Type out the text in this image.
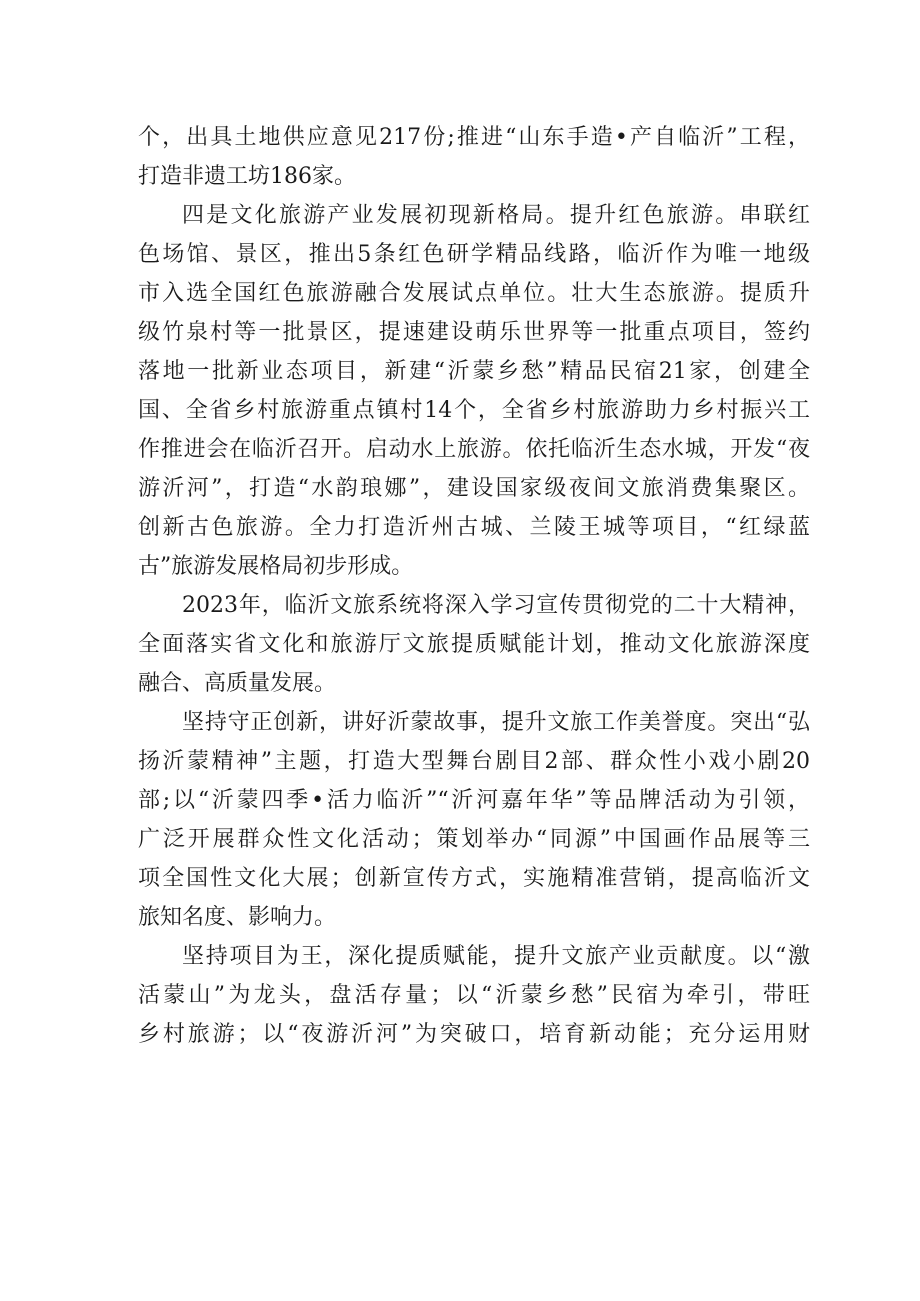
个，出具土地供应意见217份;推进“山东手造•产自临沂”工程，
打造非遗工坊186家。
四是文化旅游产业发展初现新格局。提升红色旅游。串联红
色场馆、景区，推出5条红色研学精品线路，临沂作为唯一地级
市入选全国红色旅游融合发展试点单位。壮大生态旅游。提质升
级竹泉村等一批景区，提速建设萌乐世界等一批重点项目，签约
落地一批新业态项目，新建“沂蒙乡愁”精品民宿21家，创建全
国、全省乡村旅游重点镇村14个，全省乡村旅游助力乡村振兴工
作推进会在临沂召开。启动水上旅游。依托临沂生态水城，开发“夜
游沂河”，打造“水韵琅娜”，建设国家级夜间文旅消费集聚区。
创新古色旅游。全力打造沂州古城、兰陵王城等项目，“红绿蓝
古”旅游发展格局初步形成。
2023年，临沂文旅系统将深入学习宣传贯彻党的二十大精神，
全面落实省文化和旅游厅文旅提质赋能计划，推动文化旅游深度
融合、高质量发展。
坚持守正创新，讲好沂蒙故事，提升文旅工作美誉度。突出“弘
扬沂蒙精神”主题，打造大型舞台剧目2部、群众性小戏小剧20
部;以“沂蒙四季•活力临沂”“沂河嘉年华”等品牌活动为引领，
广泛开展群众性文化活动；策划举办“同源”中国画作品展等三
项全国性文化大展；创新宣传方式，实施精准营销，提高临沂文
旅知名度、影响力。
坚持项目为王，深化提质赋能，提升文旅产业贡献度。以“激
活蒙山”为龙头，盘活存量；以“沂蒙乡愁”民宿为牵引，带旺
乡村旅游；以“夜游沂河”为突破口，培育新动能；充分运用财
